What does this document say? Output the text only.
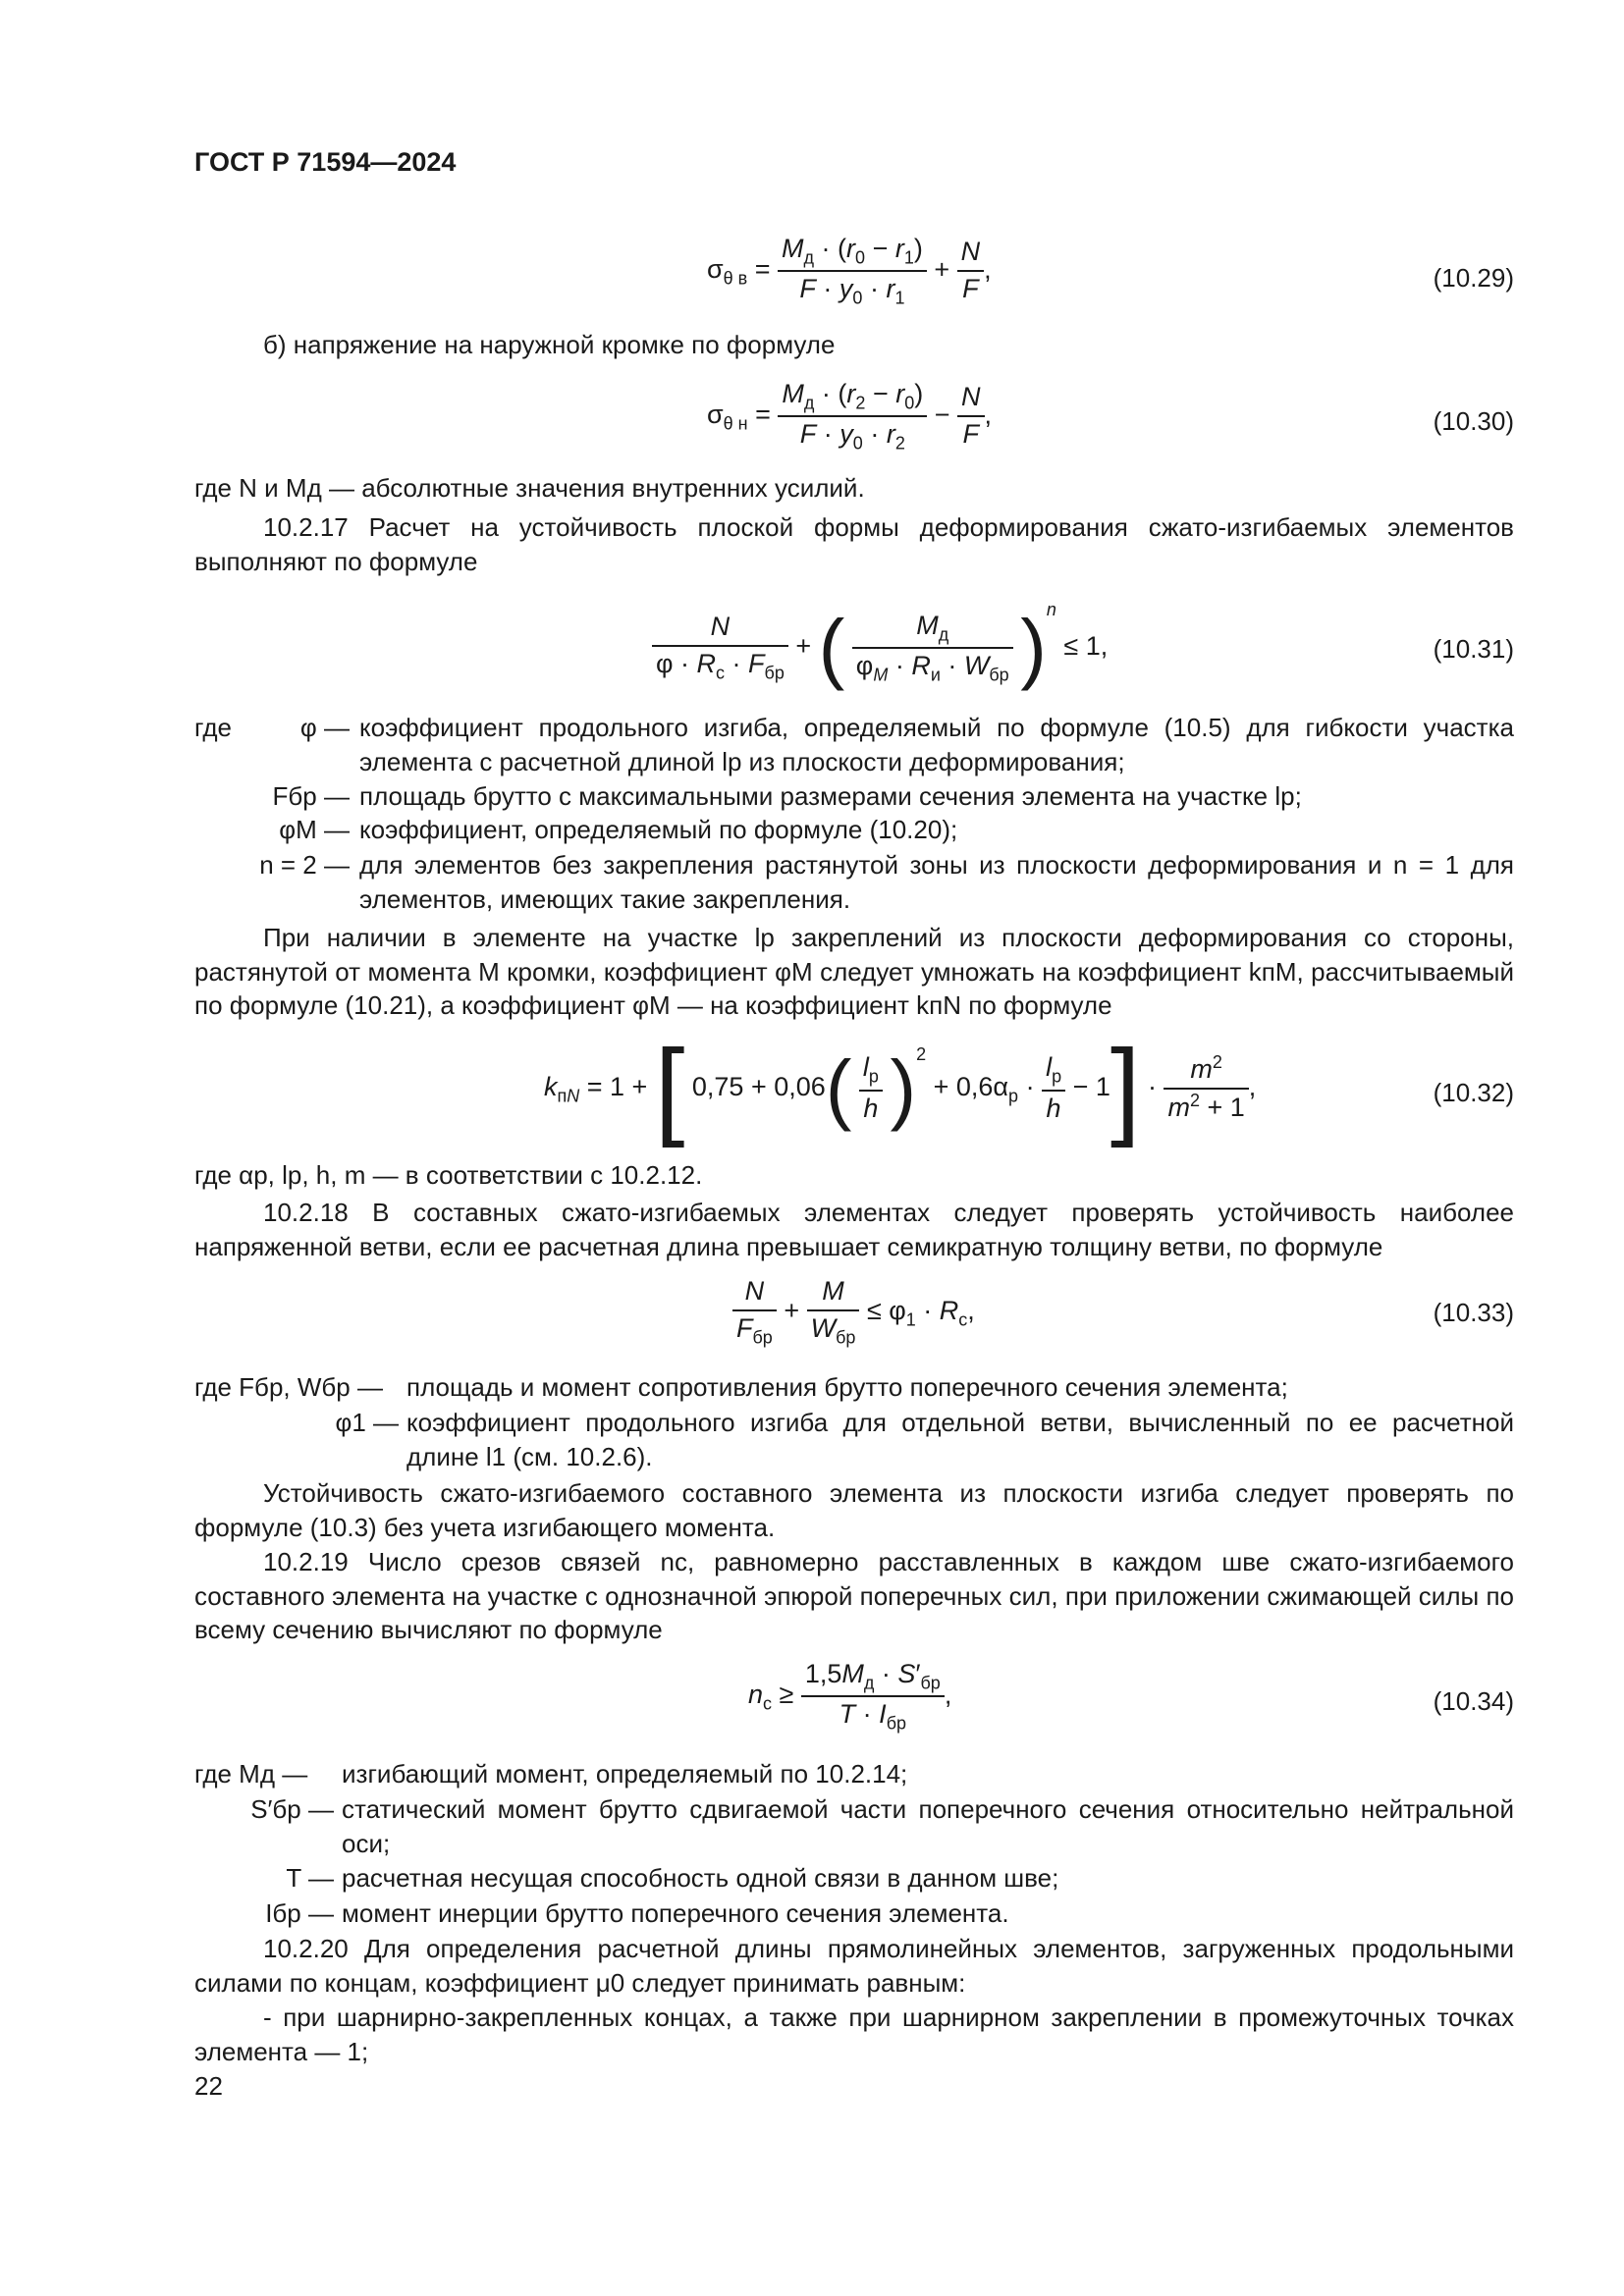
ГОСТ Р 71594—2024
$\sigma_{\theta в} = \frac{M_д \cdot (r_0 - r_1)}{F \cdot y_0 \cdot r_1} + \frac{N}{F}$ ,	(10.29)
б) напряжение на наружной кромке по формуле
$\sigma_{\theta н} = \frac{M_д \cdot (r_2 - r_0)}{F \cdot y_0 \cdot r_2} - \frac{N}{F}$ ,	(10.30)
где N и Mд — абсолютные значения внутренних усилий.
10.2.17 Расчет на устойчивость плоской формы деформирования сжато-изгибаемых элементов выполняют по формуле
$\frac{N}{\varphi \cdot R_с \cdot F_{бр}}$ + ( $\frac{M_д}{\varphi_M \cdot R_и \cdot W_{бр}} )^n \le 1$,	(10.31)
где	φ — коэффициент продольного изгиба, определяемый по формуле (10.5) для гибкости участка элемента с расчетной длиной lр из плоскости деформирования;
Fбр — площадь брутто с максимальными размерами сечения элемента на участке lр;
φM — коэффициент, определяемый по формуле (10.20);
n = 2 — для элементов без закрепления растянутой зоны из плоскости деформирования и n = 1 для элементов, имеющих такие закрепления.
При наличии в элементе на участке lр закреплений из плоскости деформирования со стороны, растянутой от момента M кромки, коэффициент φM следует умножать на коэффициент kпM, рассчитываемый по формуле (10.21), а коэффициент φM — на коэффициент kпN по формуле
$k_{пN} = 1$ + [ $0,75 + 0,06( \frac{l_р}{h} )^2 + 0,6\alpha_р \cdot \frac{l_р}{h} - 1] \cdot \frac{m^2}{m^2 + 1}$ ,	(10.32)
где αр, lр, h, m — в соответствии с 10.2.12.
10.2.18 В составных сжато-изгибаемых элементах следует проверять устойчивость наиболее напряженной ветви, если ее расчетная длина превышает семикратную толщину ветви, по формуле
$\frac{N}{F_{бр}} + \frac{M}{W_{бр}} \le \varphi_1 \cdot R_с$,	(10.33)
где Fбр, Wбр — площадь и момент сопротивления брутто поперечного сечения элемента;
φ1 — коэффициент продольного изгиба для отдельной ветви, вычисленный по ее расчетной длине l1 (см. 10.2.6).
Устойчивость сжато-изгибаемого составного элемента из плоскости изгиба следует проверять по формуле (10.3) без учета изгибающего момента.
10.2.19 Число срезов связей nс, равномерно расставленных в каждом шве сжато-изгибаемого составного элемента на участке с однозначной эпюрой поперечных сил, при приложении сжимающей силы по всему сечению вычисляют по формуле
$n_с \ge \frac{1,5M_д \cdot S'_{бр}}{T \cdot I_{бр}}$ ,	(10.34)
где Mд —	изгибающий момент, определяемый по 10.2.14;
S′бр — статический момент брутто сдвигаемой части поперечного сечения относительно нейтральной оси;
T — расчетная несущая способность одной связи в данном шве;
Iбр — момент инерции брутто поперечного сечения элемента.
10.2.20 Для определения расчетной длины прямолинейных элементов, загруженных продольными силами по концам, коэффициент μ0 следует принимать равным:
- при шарнирно-закрепленных концах, а также при шарнирном закреплении в промежуточных точках элемента — 1;
22
